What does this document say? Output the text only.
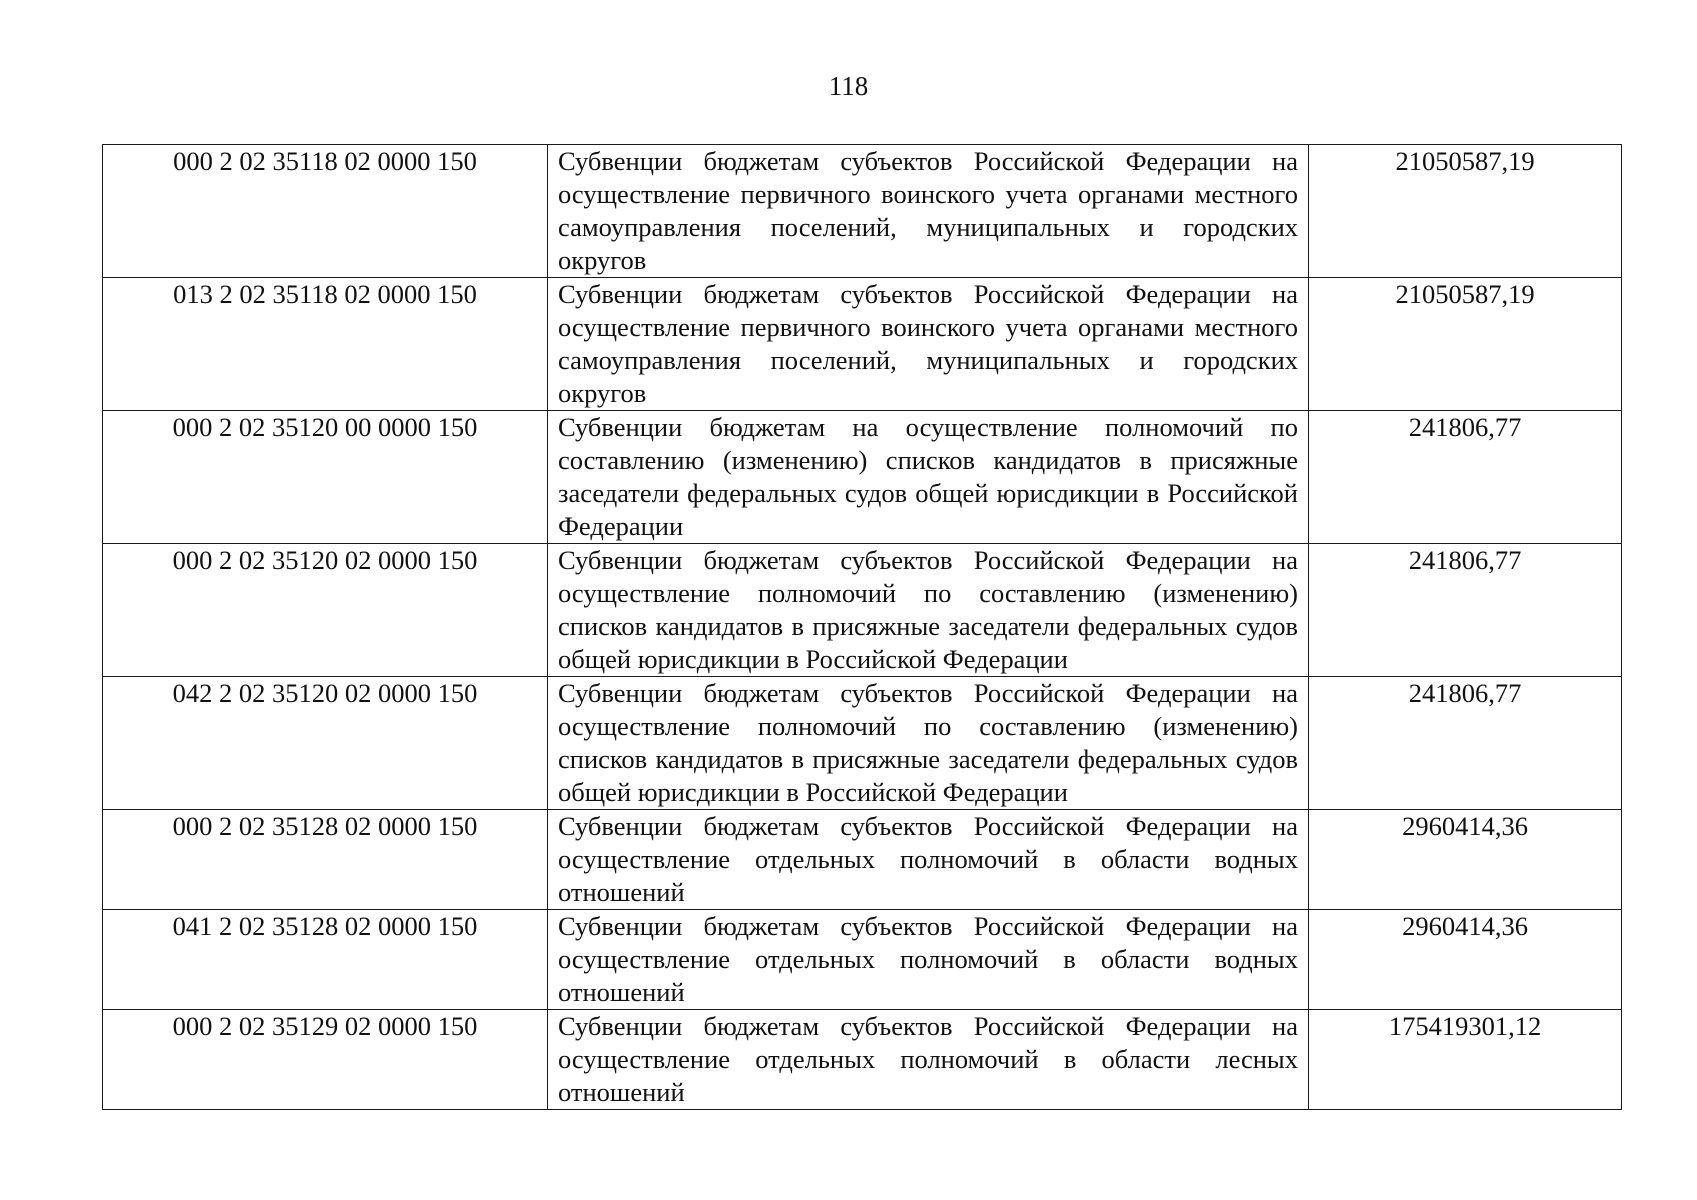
118
000 2 02 35118 02 0000 150	Субвенции бюджетам субъектов Российской Федерации на осуществление первичного воинского учета органами местного самоуправления поселений, муниципальных и городских округов	21050587,19
013 2 02 35118 02 0000 150	Субвенции бюджетам субъектов Российской Федерации на осуществление первичного воинского учета органами местного самоуправления поселений, муниципальных и городских округов	21050587,19
000 2 02 35120 00 0000 150	Субвенции бюджетам на осуществление полномочий по составлению (изменению) списков кандидатов в присяжные заседатели федеральных судов общей юрисдикции в Российской Федерации	241806,77
000 2 02 35120 02 0000 150	Субвенции бюджетам субъектов Российской Федерации на осуществление полномочий по составлению (изменению) списков кандидатов в присяжные заседатели федеральных судов общей юрисдикции в Российской Федерации	241806,77
042 2 02 35120 02 0000 150	Субвенции бюджетам субъектов Российской Федерации на осуществление полномочий по составлению (изменению) списков кандидатов в присяжные заседатели федеральных судов общей юрисдикции в Российской Федерации	241806,77
000 2 02 35128 02 0000 150	Субвенции бюджетам субъектов Российской Федерации на осуществление отдельных полномочий в области водных отношений	2960414,36
041 2 02 35128 02 0000 150	Субвенции бюджетам субъектов Российской Федерации на осуществление отдельных полномочий в области водных отношений	2960414,36
000 2 02 35129 02 0000 150	Субвенции бюджетам субъектов Российской Федерации на осуществление отдельных полномочий в области лесных отношений	175419301,12
